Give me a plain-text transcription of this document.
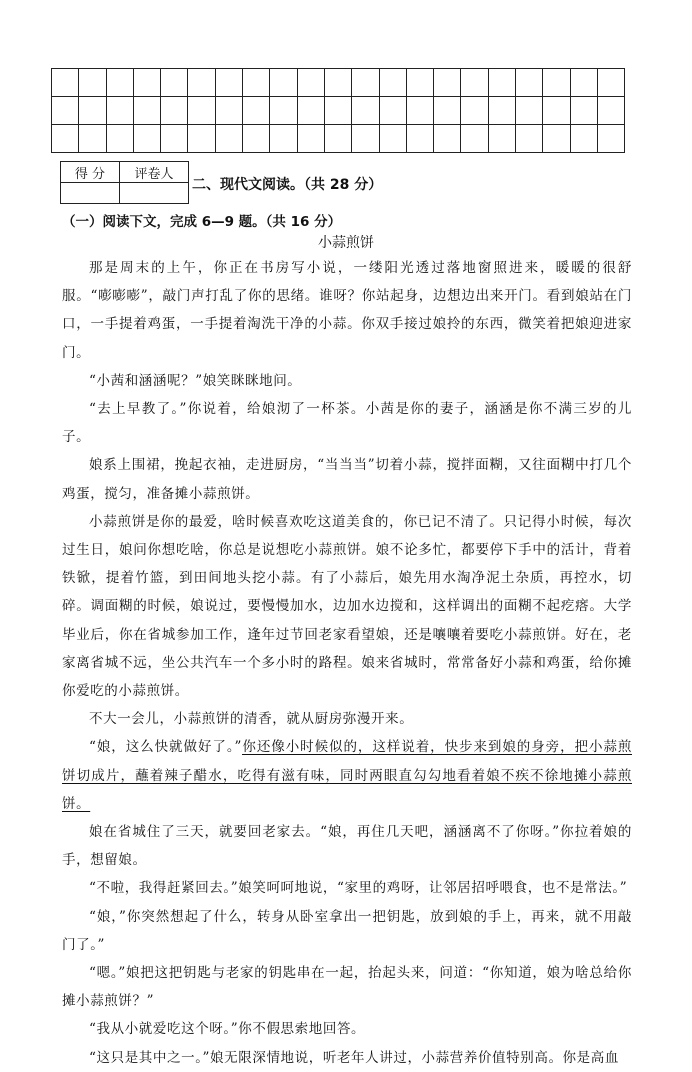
得 分	评卷人

二、现代文阅读。（共 28 分）
（一）阅读下文，完成 6—9 题。（共 16 分）
小蒜煎饼

那是周末的上午，你正在书房写小说，一缕阳光透过落地窗照进来，暖暖的很舒服。“嘭嘭嘭”，敲门声打乱了你的思绪。谁呀？你站起身，边想边出来开门。看到娘站在门口，一手提着鸡蛋，一手提着淘洗干净的小蒜。你双手接过娘拎的东西，微笑着把娘迎进家门。

“小茜和涵涵呢？”娘笑眯眯地问。

“去上早教了。”你说着，给娘沏了一杯茶。小茜是你的妻子，涵涵是你不满三岁的儿子。

娘系上围裙，挽起衣袖，走进厨房，“当当当”切着小蒜，搅拌面糊，又往面糊中打几个鸡蛋，搅匀，准备摊小蒜煎饼。

小蒜煎饼是你的最爱，啥时候喜欢吃这道美食的，你已记不清了。只记得小时候，每次过生日，娘问你想吃啥，你总是说想吃小蒜煎饼。娘不论多忙，都要停下手中的活计，背着铁锨，提着竹篮，到田间地头挖小蒜。有了小蒜后，娘先用水淘净泥土杂质，再控水，切碎。调面糊的时候，娘说过，要慢慢加水，边加水边搅和，这样调出的面糊不起疙瘩。大学毕业后，你在省城参加工作，逢年过节回老家看望娘，还是嚷嚷着要吃小蒜煎饼。好在，老家离省城不远，坐公共汽车一个多小时的路程。娘来省城时，常常备好小蒜和鸡蛋，给你摊你爱吃的小蒜煎饼。

不大一会儿，小蒜煎饼的清香，就从厨房弥漫开来。

“娘，这么快就做好了。”你还像小时候似的，这样说着，快步来到娘的身旁，把小蒜煎饼切成片，蘸着辣子醋水，吃得有滋有味，同时两眼直勾勾地看着娘不疾不徐地摊小蒜煎饼。

娘在省城住了三天，就要回老家去。“娘，再住几天吧，涵涵离不了你呀。”你拉着娘的手，想留娘。

“不啦，我得赶紧回去。”娘笑呵呵地说，“家里的鸡呀，让邻居招呼喂食，也不是常法。”

“娘，”你突然想起了什么，转身从卧室拿出一把钥匙，放到娘的手上，再来，就不用敲门了。”

“嗯。”娘把这把钥匙与老家的钥匙串在一起，抬起头来，问道：“你知道，娘为啥总给你摊小蒜煎饼？”

“我从小就爱吃这个呀。”你不假思索地回答。

“这只是其中之一。”娘无限深情地说，听老年人讲过，小蒜营养价值特别高。你是高血
